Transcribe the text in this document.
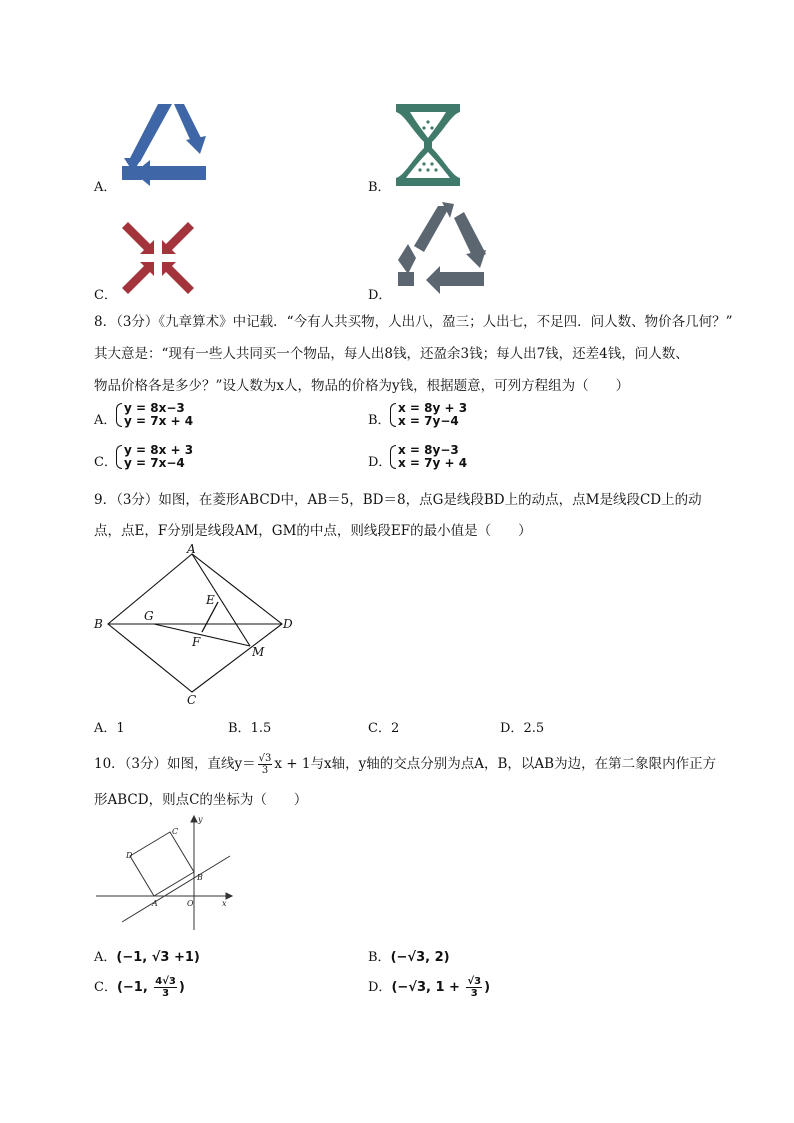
A．	B．
C．	D．
8．（3分）《九章算术》中记载．“今有人共买物，人出八，盈三；人出七，不足四．问人数、物价各几何？”
其大意是：“现有一些人共同买一个物品，每人出8钱，还盈余3钱；每人出7钱，还差4钱，问人数、
物品价格各是多少？”设人数为x人，物品的价格为y钱，根据题意，可列方程组为（　　）
A．
y = 8x−3
y = 7x + 4	B．
x = 8y + 3
x = 7y−4
C．
y = 8x + 3
y = 7x−4	D．
x = 8y−3
x = 7y + 4
9．（3分）如图，在菱形ABCD中，AB＝5，BD＝8，点G是线段BD上的动点，点M是线段CD上的动
点，点E，F分别是线段AM，GM的中点，则线段EF的最小值是（　　）
A
B
C
D
E
F
G
M
A．1	B．1.5	C．2	D．2.5
10．（3分）如图，直线$y= \frac{√3}{3}$ x + 1与x轴，y轴的交点分别为点A，B，以AB为边，在第二象限内作正方
形ABCD，则点C的坐标为（　　）
y
x
O
A
B
C
D
A．(−1, √3 +1)	B．(−√3, 2)
C．(−1, $\frac{4√3}{3}$ )	D．(−√3, $1 + \frac{√3}{3}$ )
